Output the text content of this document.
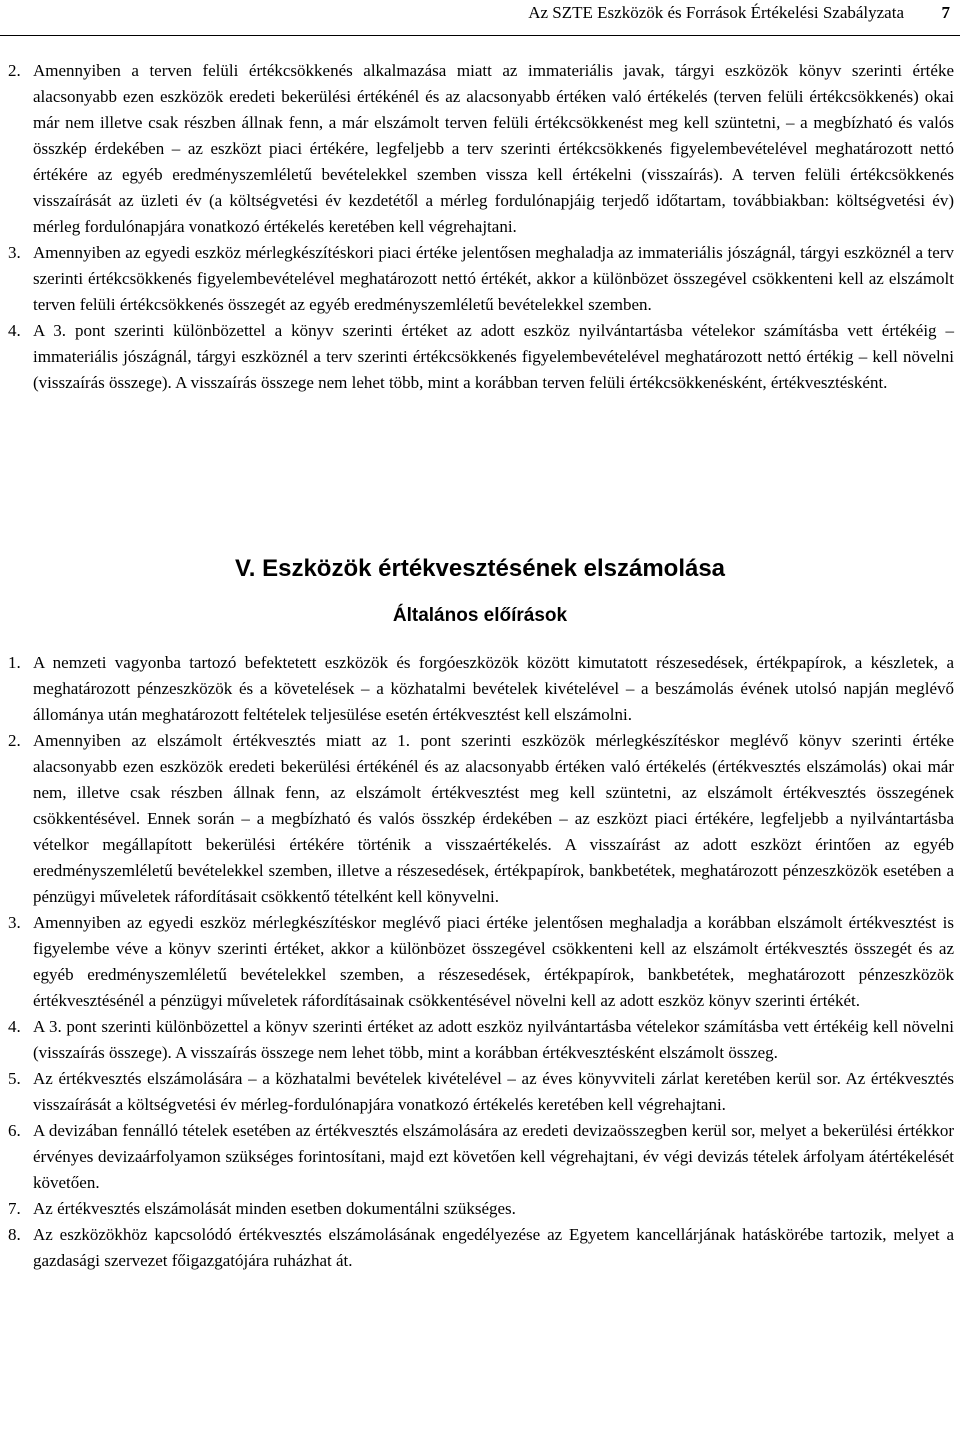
Az SZTE Eszközök és Források Értékelési Szabályzata 7
2. Amennyiben a terven felüli értékcsökkenés alkalmazása miatt az immateriális javak, tárgyi eszközök könyv szerinti értéke alacsonyabb ezen eszközök eredeti bekerülési értékénél és az alacsonyabb értéken való értékelés (terven felüli értékcsökkenés) okai már nem illetve csak részben állnak fenn, a már elszámolt terven felüli értékcsökkenést meg kell szüntetni, – a megbízható és valós összkép érdekében – az eszközt piaci értékére, legfeljebb a terv szerinti értékcsökkenés figyelembevételével meghatározott nettó értékére az egyéb eredményszemléletű bevételekkel szemben vissza kell értékelni (visszaírás). A terven felüli értékcsökkenés visszaírását az üzleti év (a költségvetési év kezdetétől a mérleg fordulónapjáig terjedő időtartam, továbbiakban: költségvetési év) mérleg fordulónapjára vonatkozó értékelés keretében kell végrehajtani.
3. Amennyiben az egyedi eszköz mérlegkészítéskori piaci értéke jelentősen meghaladja az immateriális jószágnál, tárgyi eszköznél a terv szerinti értékcsökkenés figyelembevételével meghatározott nettó értékét, akkor a különbözet összegével csökkenteni kell az elszámolt terven felüli értékcsökkenés összegét az egyéb eredményszemléletű bevételekkel szemben.
4. A 3. pont szerinti különbözettel a könyv szerinti értéket az adott eszköz nyilvántartásba vételekor számításba vett értékéig – immateriális jószágnál, tárgyi eszköznél a terv szerinti értékcsökkenés figyelembevételével meghatározott nettó értékig – kell növelni (visszaírás összege). A visszaírás összege nem lehet több, mint a korábban terven felüli értékcsökkenésként, értékvesztésként.
V. Eszközök értékvesztésének elszámolása
Általános előírások
1. A nemzeti vagyonba tartozó befektetett eszközök és forgóeszközök között kimutatott részesedések, értékpapírok, a készletek, a meghatározott pénzeszközök és a követelések – a közhatalmi bevételek kivételével – a beszámolás évének utolsó napján meglévő állománya után meghatározott feltételek teljesülése esetén értékvesztést kell elszámolni.
2. Amennyiben az elszámolt értékvesztés miatt az 1. pont szerinti eszközök mérlegkészítéskor meglévő könyv szerinti értéke alacsonyabb ezen eszközök eredeti bekerülési értékénél és az alacsonyabb értéken való értékelés (értékvesztés elszámolás) okai már nem, illetve csak részben állnak fenn, az elszámolt értékvesztést meg kell szüntetni, az elszámolt értékvesztés összegének csökkentésével. Ennek során – a megbízható és valós összkép érdekében – az eszközt piaci értékére, legfeljebb a nyilvántartásba vételkor megállapított bekerülési értékére történik a visszaértékelés. A visszaírást az adott eszközt érintően az egyéb eredményszemléletű bevételekkel szemben, illetve a részesedések, értékpapírok, bankbetétek, meghatározott pénzeszközök esetében a pénzügyi műveletek ráfordításait csökkentő tételként kell könyvelni.
3. Amennyiben az egyedi eszköz mérlegkészítéskor meglévő piaci értéke jelentősen meghaladja a korábban elszámolt értékvesztést is figyelembe véve a könyv szerinti értéket, akkor a különbözet összegével csökkenteni kell az elszámolt értékvesztés összegét és az egyéb eredményszemléletű bevételekkel szemben, a részesedések, értékpapírok, bankbetétek, meghatározott pénzeszközök értékvesztésénél a pénzügyi műveletek ráfordításainak csökkentésével növelni kell az adott eszköz könyv szerinti értékét.
4. A 3. pont szerinti különbözettel a könyv szerinti értéket az adott eszköz nyilvántartásba vételekor számításba vett értékéig kell növelni (visszaírás összege). A visszaírás összege nem lehet több, mint a korábban értékvesztésként elszámolt összeg.
5. Az értékvesztés elszámolására – a közhatalmi bevételek kivételével – az éves könyvviteli zárlat keretében kerül sor. Az értékvesztés visszaírását a költségvetési év mérleg-fordulónapjára vonatkozó értékelés keretében kell végrehajtani.
6. A devizában fennálló tételek esetében az értékvesztés elszámolására az eredeti devizaösszegben kerül sor, melyet a bekerülési értékkor érvényes devizaárfolyamon szükséges forintosítani, majd ezt követően kell végrehajtani, év végi devizás tételek árfolyam átértékelését követően.
7. Az értékvesztés elszámolását minden esetben dokumentálni szükséges.
8. Az eszközökhöz kapcsolódó értékvesztés elszámolásának engedélyezése az Egyetem kancellárjának hatáskörébe tartozik, melyet a gazdasági szervezet főigazgatójára ruházhat át.
